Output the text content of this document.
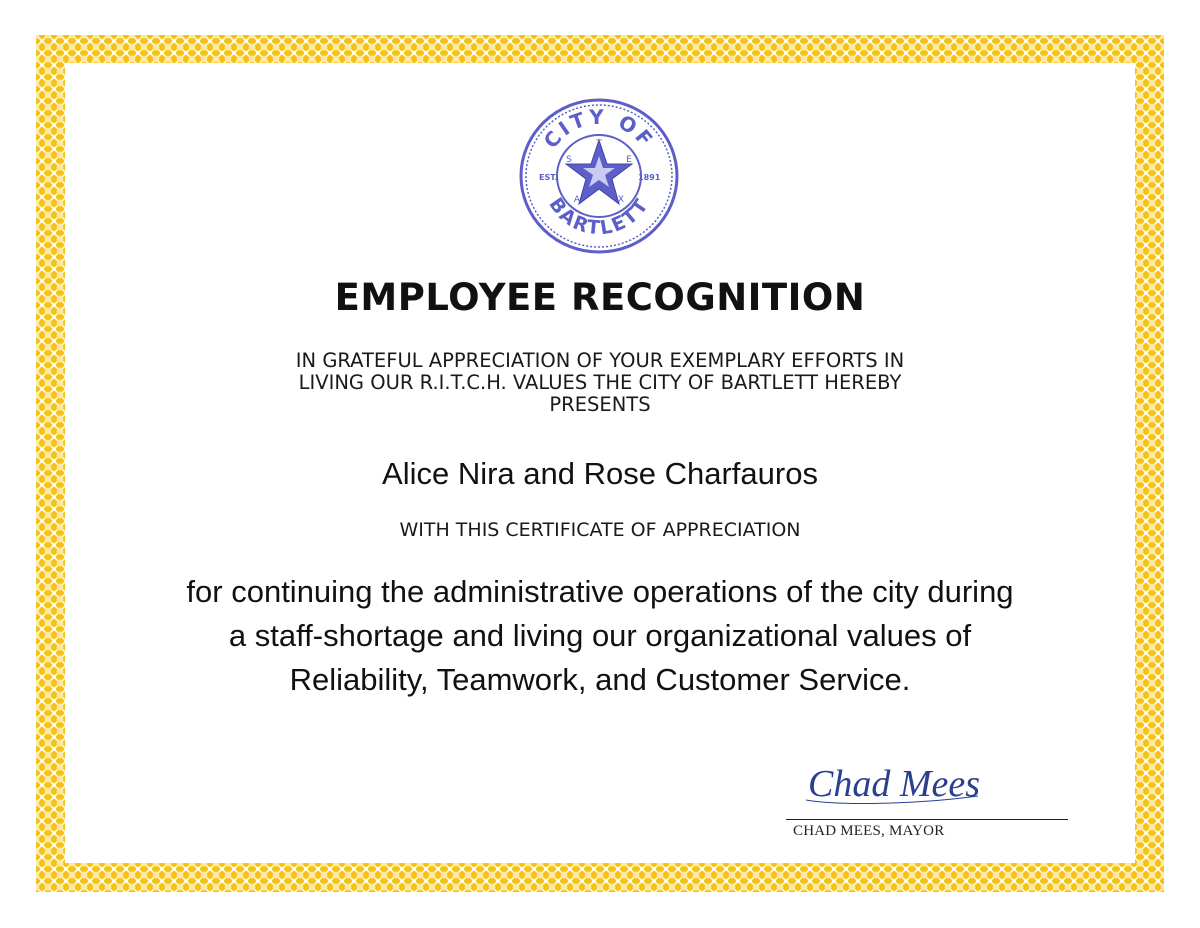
CITY OF
BARTLETT
EST.	1891
T
E
X
A
S
EMPLOYEE RECOGNITION
IN GRATEFUL APPRECIATION OF YOUR EXEMPLARY EFFORTS IN
LIVING OUR R.I.T.C.H. VALUES THE CITY OF BARTLETT HEREBY
PRESENTS
Alice Nira and Rose Charfauros
WITH THIS CERTIFICATE OF APPRECIATION
for continuing the administrative operations of the city during
a staff-shortage and living our organizational values of
Reliability, Teamwork, and Customer Service.
Chad Mees
CHAD MEES, MAYOR
